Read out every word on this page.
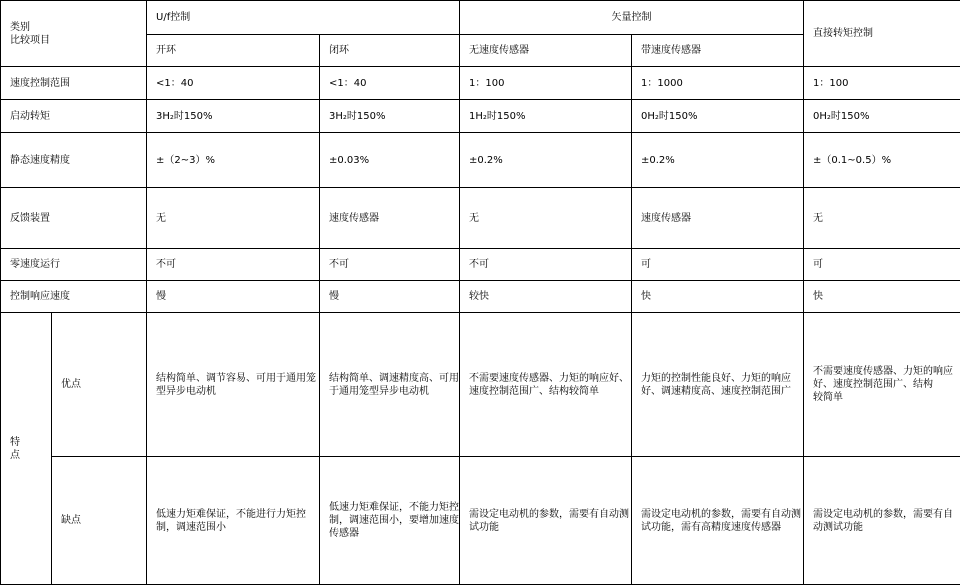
类别
比较项目		U/f控制		矢量控制		直接转矩控制
		开环	闭环	无速度传感器	带速度传感器	
速度控制范围		<1：40	<1：40	1：100	1：1000	1：100
启动转矩		3H₂时150%	3H₂时150%	1H₂时150%	0H₂时150%	0H₂时150%
静态速度精度		±（2~3）%	±0.03%	±0.2%	±0.2%	±（0.1~0.5）%
反馈装置		无	速度传感器	无	速度传感器	无
零速度运行		不可	不可	不可	可	可
控制响应速度		慢	慢	较快	快	快
特
点	优点	结构简单、调节容易、可用于通用笼型异步电动机	结构简单、调速精度高、可用于通用笼型异步电动机	不需要速度传感器、力矩的响应好、速度控制范围广、结构较简单	力矩的控制性能良好、力矩的响应好、调速精度高、速度控制范围广	不需要速度传感器、力矩的响应好、速度控制范围广、结构
较简单
	缺点	低速力矩难保证，不能进行力矩控制，调速范围小	低速力矩难保证，不能力矩控制，调速范围小，要增加速度传感器	需设定电动机的参数，需要有自动测试功能	需设定电动机的参数，需要有自动测试功能，需有高精度速度传感器	需设定电动机的参数，需要有自动测试功能
